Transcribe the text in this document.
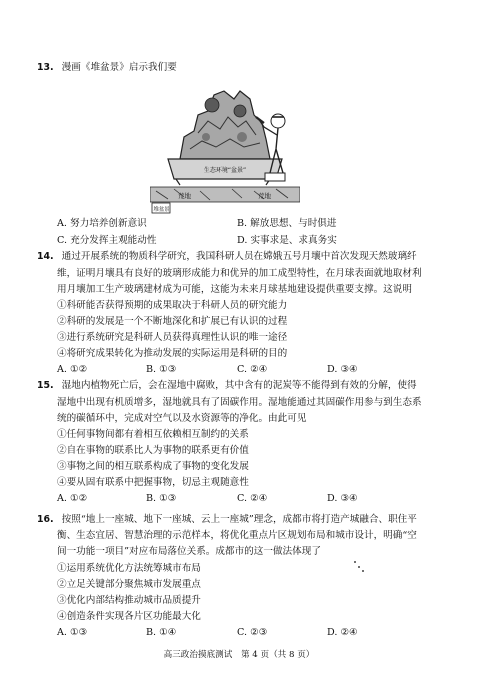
13. 漫画《堆盆景》启示我们要
生态环境“盆景”
荒地	荒地
堆盆景
A. 努力培养创新意识	B. 解放思想、与时俱进
C. 充分发挥主观能动性	D. 实事求是、求真务实
14. 通过开展系统的物质科学研究，我国科研人员在嫦娥五号月壤中首次发现天然玻璃纤
维，证明月壤具有良好的玻璃形成能力和优异的加工成型特性，在月球表面就地取材利
用月壤加工生产玻璃建材成为可能，这能为未来月球基地建设提供重要支撑。这说明
①科研能否获得预期的成果取决于科研人员的研究能力
②科研的发展是一个不断地深化和扩展已有认识的过程
③进行系统研究是科研人员获得真理性认识的唯一途径
④将研究成果转化为推动发展的实际运用是科研的目的
A. ①②	B. ①③	C. ②④	D. ③④
15. 湿地内植物死亡后，会在湿地中腐败，其中含有的泥炭等不能得到有效的分解，使得
湿地中出现有机质增多，湿地就具有了固碳作用。湿地能通过其固碳作用参与到生态系
统的碳循环中，完成对空气以及水资源等的净化。由此可见
①任何事物间都有着相互依赖相互制约的关系
②自在事物的联系比人为事物的联系更有价值
③事物之间的相互联系构成了事物的变化发展
④要从固有联系中把握事物，切忌主观随意性
A. ①②	B. ①③	C. ②④	D. ③④
16. 按照“地上一座城、地下一座城、云上一座城”理念，成都市将打造产城融合、职住平
衡、生态宜居、智慧治理的示范样本，将优化重点片区规划布局和城市设计，明确“空
间一功能一项目”对应布局落位关系。成都市的这一做法体现了
①运用系统优化方法统筹城市布局
②立足关键部分聚焦城市发展重点
③优化内部结构推动城市品质提升
④创造条件实现各片区功能最大化
A. ①③	B. ①④	C. ②③	D. ②④
高三政治摸底测试　第 4 页（共 8 页）
